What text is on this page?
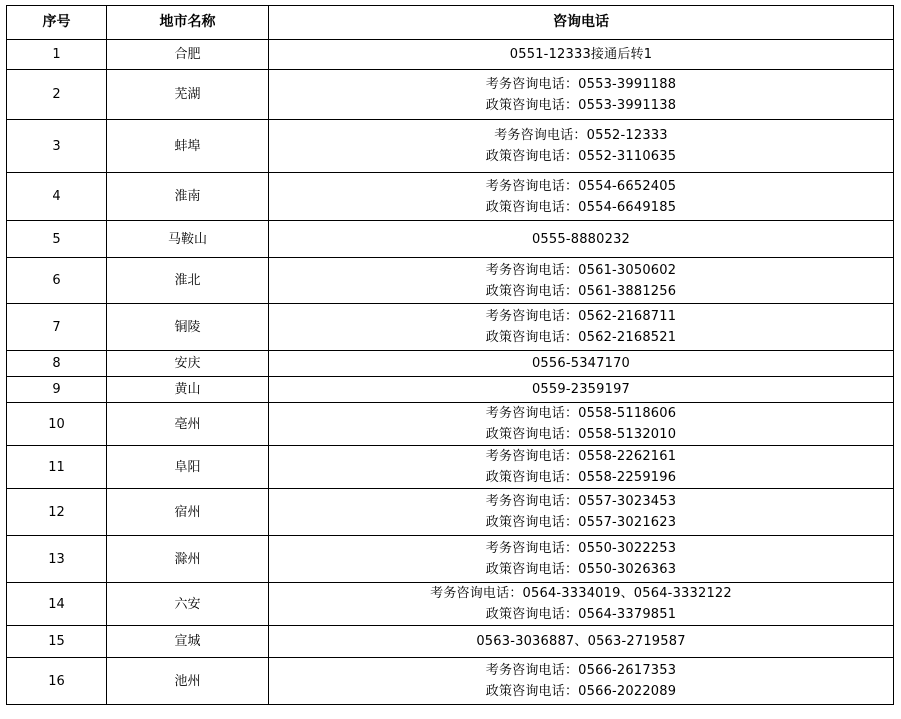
序号	地市名称	咨询电话
1	合肥	0551-12333接通后转1

2	芜湖	考务咨询电话：0553-3991188
政策咨询电话：0553-3991138

3	蚌埠	考务咨询电话：0552-12333
政策咨询电话：0552-3110635

4	淮南	考务咨询电话：0554-6652405
政策咨询电话：0554-6649185

5	马鞍山	0555-8880232

6	淮北	考务咨询电话：0561-3050602
政策咨询电话：0561-3881256

7	铜陵	考务咨询电话：0562-2168711
政策咨询电话：0562-2168521

8	安庆	0556-5347170

9	黄山	0559-2359197

10	亳州	考务咨询电话：0558-5118606
政策咨询电话：0558-5132010

11	阜阳	考务咨询电话：0558-2262161
政策咨询电话：0558-2259196

12	宿州	考务咨询电话：0557-3023453
政策咨询电话：0557-3021623

13	滁州	考务咨询电话：0550-3022253
政策咨询电话：0550-3026363

14	六安	考务咨询电话：0564-3334019、0564-3332122
政策咨询电话：0564-3379851

15	宣城	0563-3036887、0563-2719587

16	池州	考务咨询电话：0566-2617353
政策咨询电话：0566-2022089
